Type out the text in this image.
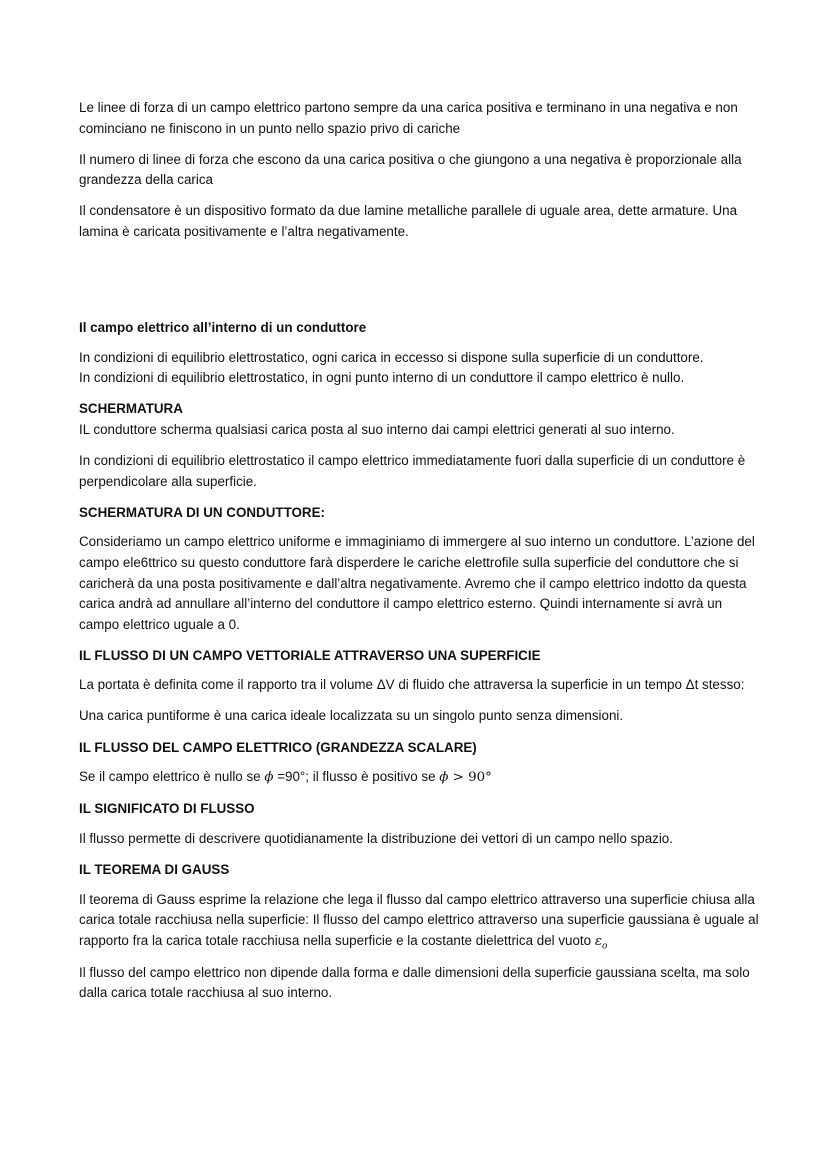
Le linee di forza di un campo elettrico partono sempre da una carica positiva e terminano in una negativa e non cominciano ne finiscono in un punto nello spazio privo di cariche

Il numero di linee di forza che escono da una carica positiva o che giungono a una negativa è proporzionale alla grandezza della carica

Il condensatore è un dispositivo formato da due lamine metalliche parallele di uguale area, dette armature. Una lamina è caricata positivamente e l’altra negativamente.

Il campo elettrico all’interno di un conduttore

In condizioni di equilibrio elettrostatico, ogni carica in eccesso si dispone sulla superficie di un conduttore.
In condizioni di equilibrio elettrostatico, in ogni punto interno di un conduttore il campo elettrico è nullo.

SCHERMATURA

IL conduttore scherma qualsiasi carica posta al suo interno dai campi elettrici generati al suo interno.

In condizioni di equilibrio elettrostatico il campo elettrico immediatamente fuori dalla superficie di un conduttore è perpendicolare alla superficie.

SCHERMATURA DI UN CONDUTTORE:

Consideriamo un campo elettrico uniforme e immaginiamo di immergere al suo interno un conduttore. L’azione del campo ele6ttrico su questo conduttore farà disperdere le cariche elettrofile sulla superficie del conduttore che si caricherà da una posta positivamente e dall’altra negativamente. Avremo che il campo elettrico indotto da questa carica andrà ad annullare all’interno del conduttore il campo elettrico esterno. Quindi internamente si avrà un campo elettrico uguale a 0.

IL FLUSSO DI UN CAMPO VETTORIALE ATTRAVERSO UNA SUPERFICIE

La portata è definita come il rapporto tra il volume ΔV di fluido che attraversa la superficie in un tempo Δt stesso:

Una carica puntiforme è una carica ideale localizzata su un singolo punto senza dimensioni.

IL FLUSSO DEL CAMPO ELETTRICO (GRANDEZZA SCALARE)

Se il campo elettrico è nullo se ϕ =90°; il flusso è positivo se ϕ > 90°

IL SIGNIFICATO DI FLUSSO

Il flusso permette di descrivere quotidianamente la distribuzione dei vettori di un campo nello spazio.

IL TEOREMA DI GAUSS

Il teorema di Gauss esprime la relazione che lega il flusso dal campo elettrico attraverso una superficie chiusa alla carica totale racchiusa nella superficie: Il flusso del campo elettrico attraverso una superficie gaussiana è uguale al rapporto fra la carica totale racchiusa nella superficie e la costante dielettrica del vuoto $\varepsilon_o$

Il flusso del campo elettrico non dipende dalla forma e dalle dimensioni della superficie gaussiana scelta, ma solo dalla carica totale racchiusa al suo interno.
